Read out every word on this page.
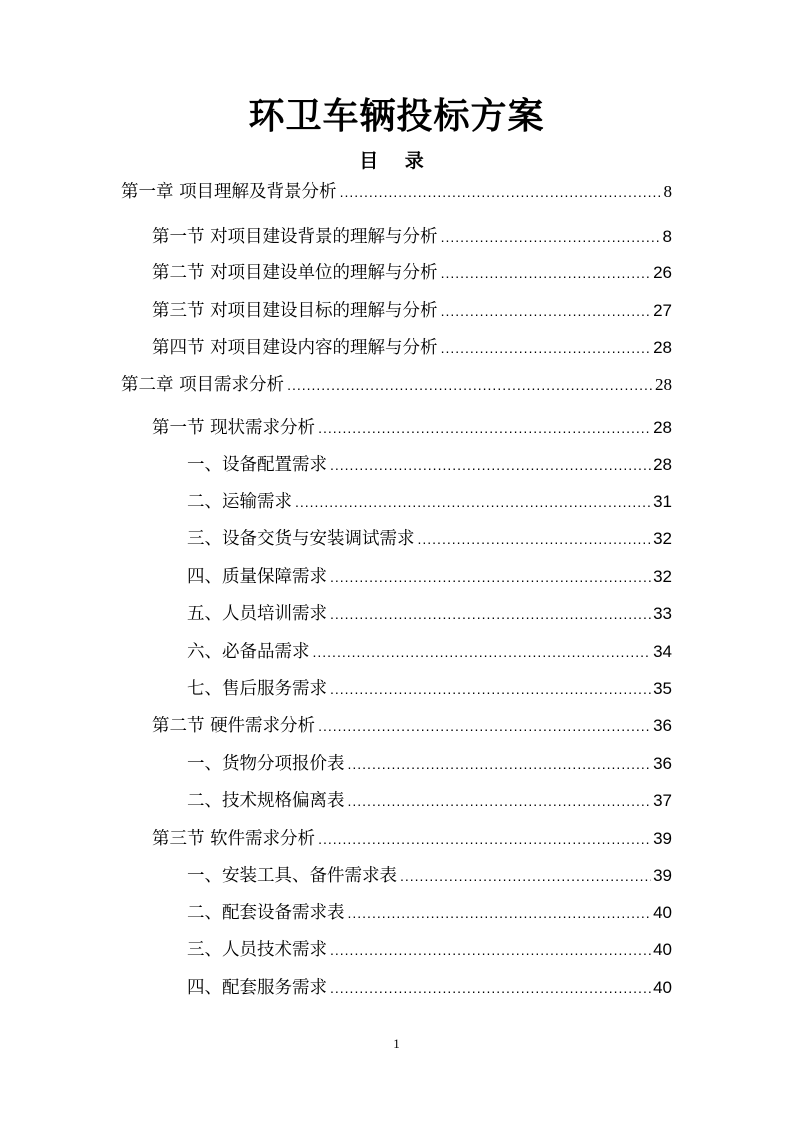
环卫车辆投标方案
目 录
第一章 项目理解及背景分析 .....	8
第一节 对项目建设背景的理解与分析 .....	8
第二节 对项目建设单位的理解与分析 .....	26
第三节 对项目建设目标的理解与分析 .....	27
第四节 对项目建设内容的理解与分析 .....	28
第二章 项目需求分析 .....	28
第一节 现状需求分析 .....	28
一、设备配置需求 .....	28
二、运输需求 .....	31
三、设备交货与安装调试需求 .....	32
四、质量保障需求 .....	32
五、人员培训需求 .....	33
六、必备品需求 .....	34
七、售后服务需求 .....	35
第二节 硬件需求分析 .....	36
一、货物分项报价表 .....	36
二、技术规格偏离表 .....	37
第三节 软件需求分析 .....	39
一、安装工具、备件需求表 .....	39
二、配套设备需求表 .....	40
三、人员技术需求 .....	40
四、配套服务需求 .....	40
1
